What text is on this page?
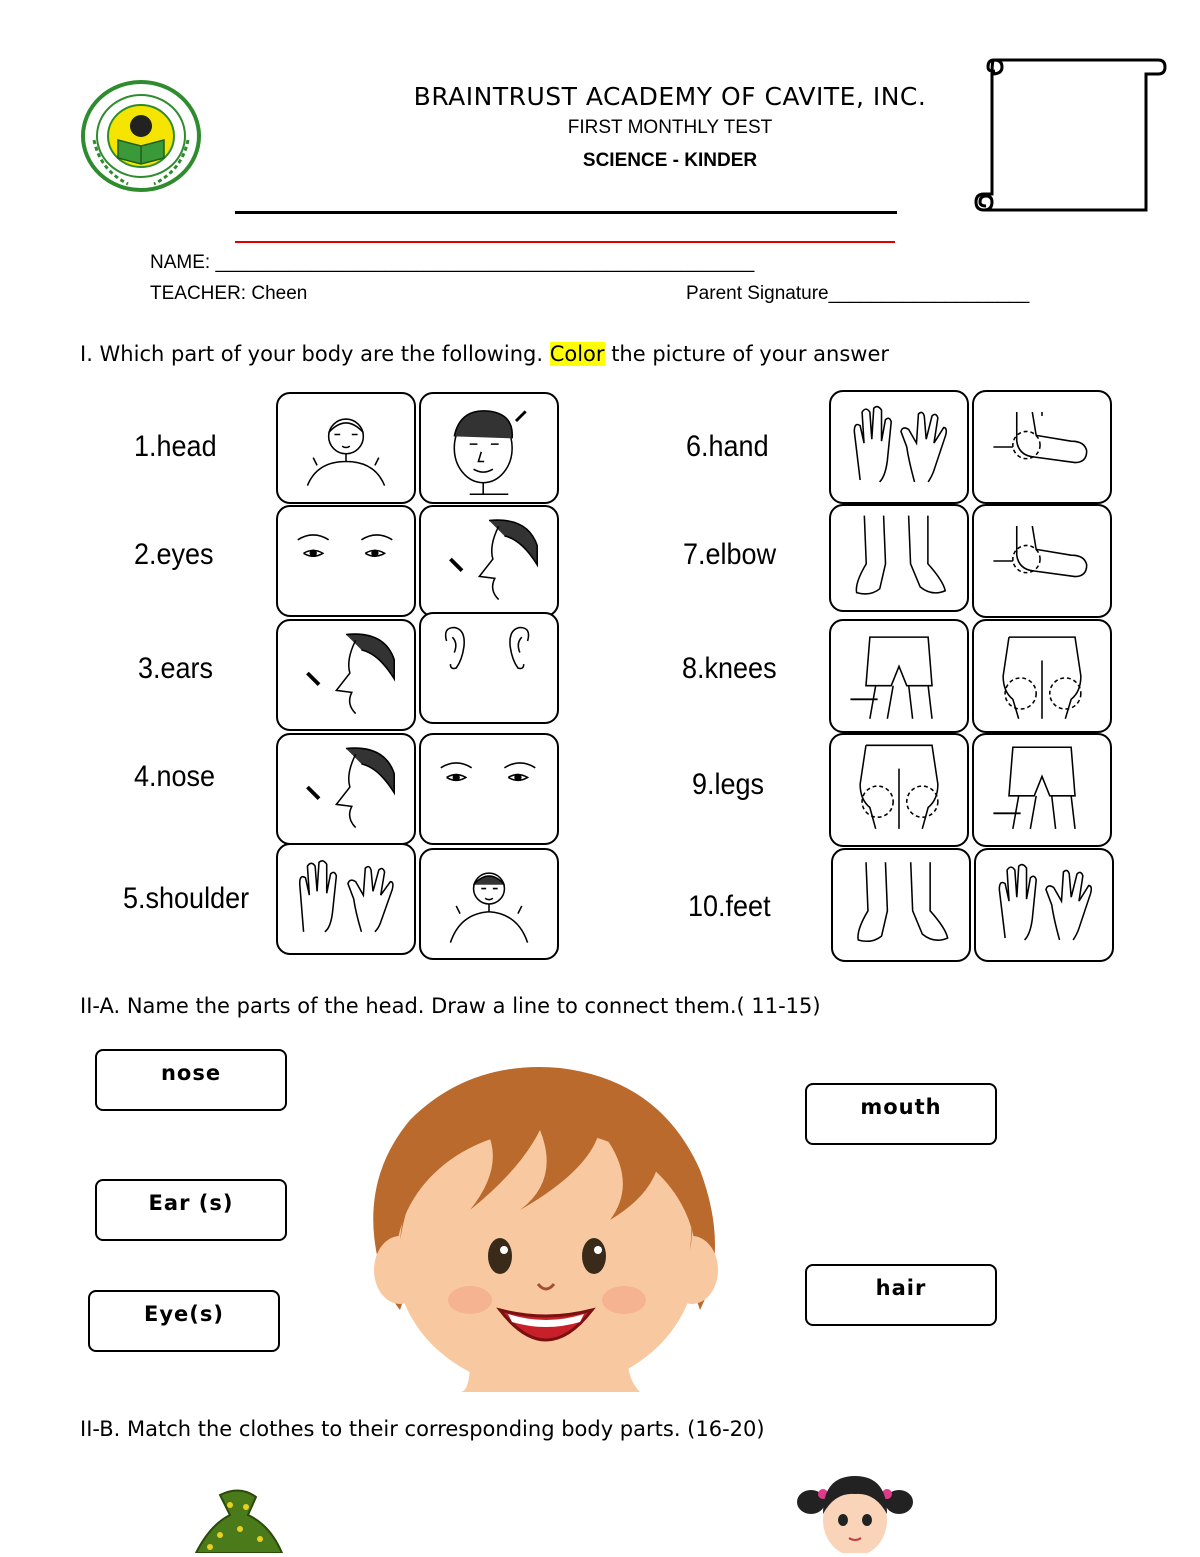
BRAINTRUST ACADEMY OF CAVITE, INC.
FIRST MONTHLY TEST
SCIENCE - KINDER
NAME: ___________________________________________________
TEACHER: Cheen	Parent Signature___________________
I. Which part of your body are the following. Color the picture of your answer
1.head
2.eyes
3.ears
4.nose
5.shoulder
6.hand
7.elbow
8.knees
9.legs
10.feet
II-A. Name the parts of the head. Draw a line to connect them.( 11-15)
nose
Ear (s)
Eye(s)
mouth
hair
II-B. Match the clothes to their corresponding body parts. (16-20)
